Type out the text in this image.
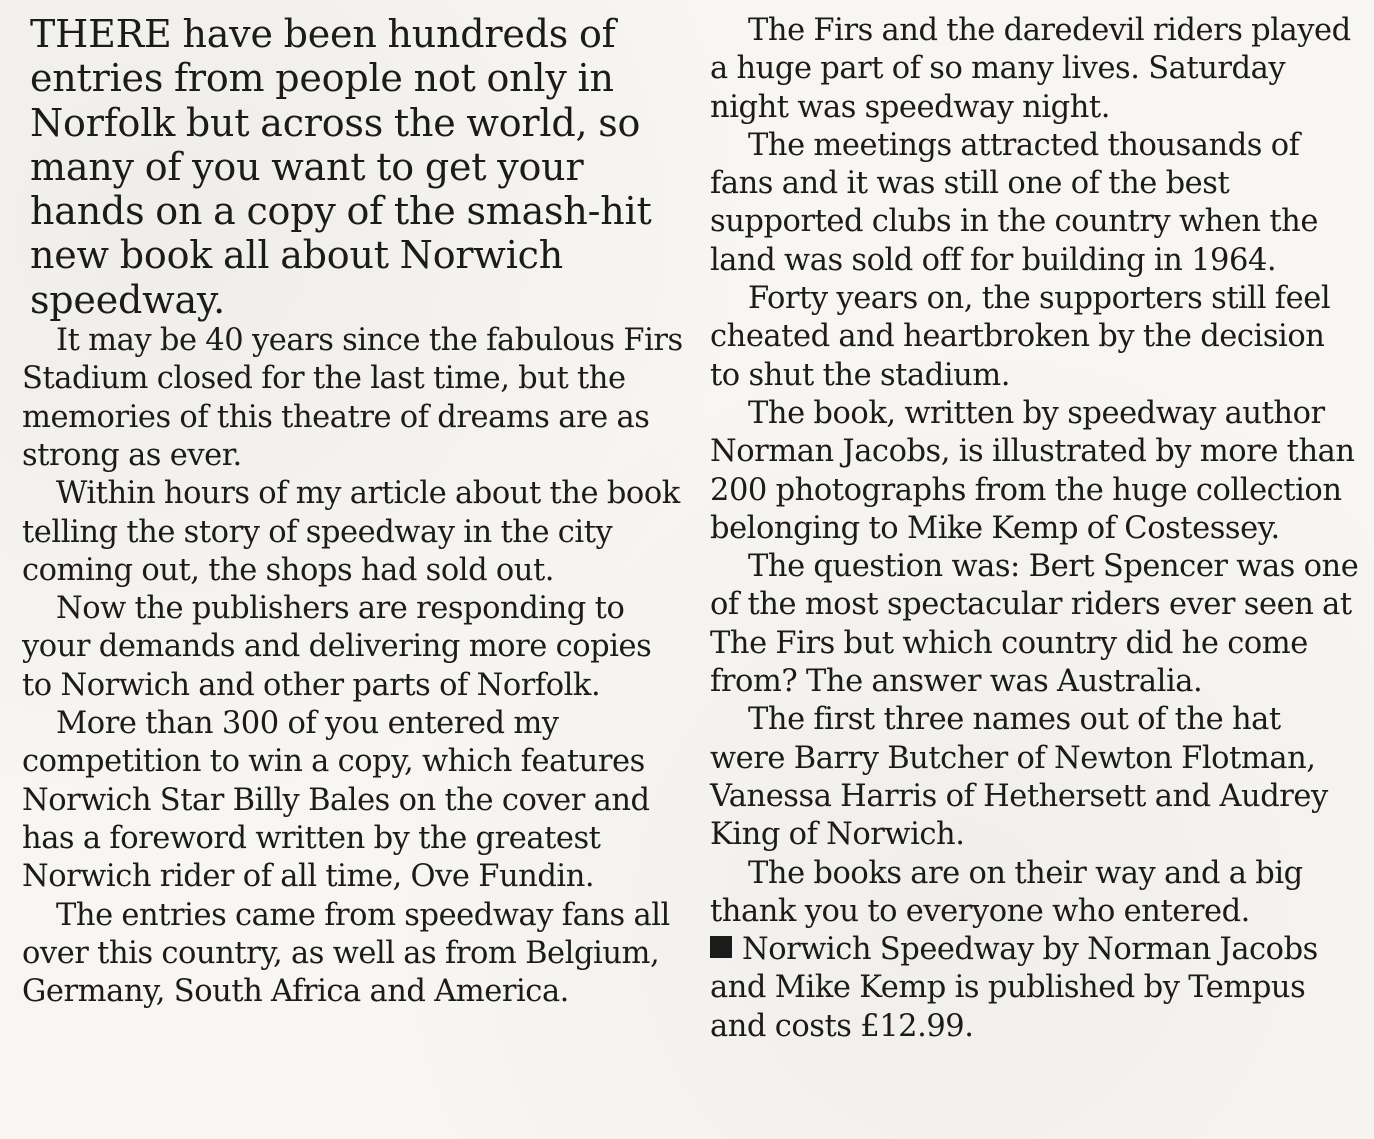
THERE have been hundreds of entries from people not only in Norfolk but across the world, so many of you want to get your hands on a copy of the smash-hit new book all about Norwich speedway.

It may be 40 years since the fabulous Firs Stadium closed for the last time, but the memories of this theatre of dreams are as strong as ever.

Within hours of my article about the book telling the story of speedway in the city coming out, the shops had sold out.

Now the publishers are responding to your demands and delivering more copies to Norwich and other parts of Norfolk.

More than 300 of you entered my competition to win a copy, which features Norwich Star Billy Bales on the cover and has a foreword written by the greatest Norwich rider of all time, Ove Fundin.

The entries came from speedway fans all over this country, as well as from Belgium, Germany, South Africa and America.

The Firs and the daredevil riders played a huge part of so many lives. Saturday night was speedway night.

The meetings attracted thousands of fans and it was still one of the best supported clubs in the country when the land was sold off for building in 1964.

Forty years on, the supporters still feel cheated and heartbroken by the decision to shut the stadium.

The book, written by speedway author Norman Jacobs, is illustrated by more than 200 photographs from the huge collection belonging to Mike Kemp of Costessey.

The question was: Bert Spencer was one of the most spectacular riders ever seen at The Firs but which country did he come from? The answer was Australia.

The first three names out of the hat were Barry Butcher of Newton Flotman, Vanessa Harris of Hethersett and Audrey King of Norwich.

The books are on their way and a big thank you to everyone who entered.

Norwich Speedway by Norman Jacobs and Mike Kemp is published by Tempus and costs £12.99.
